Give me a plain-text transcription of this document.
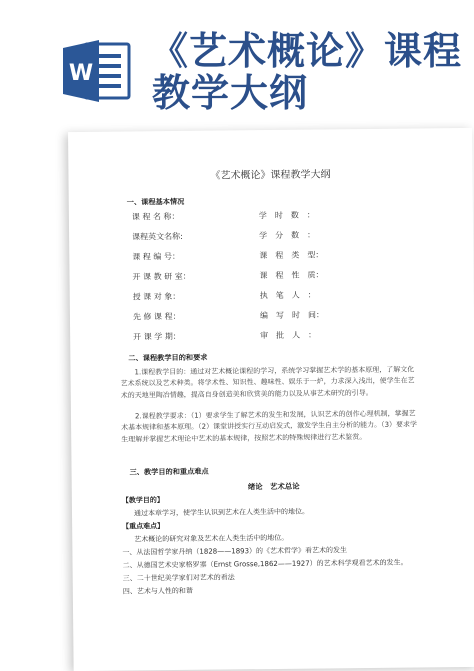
W
《艺术概论》课程
教学大纲
《艺术概论》课程教学大纲
一、课程基本情况
课 程 名 称：
课程英文名称:
课 程 编 号：
开 课 教 研 室：
授 课 对 象：
先 修 课 程：
开 课 学 期：
学　时　数　：
学　分　数　：
课　程　类　型：
课　程　性　质：
执　笔　人　：
编　写　时　间：
审　批　人　：
二、课程教学目的和要求
1.课程教学目的：通过对艺术概论课程的学习，系统学习掌握艺术学的基本原理，了解文化艺术系统以及艺术种类。将学术性、知识性、趣味性、娱乐于一炉，力求深入浅出，使学生在艺术的天地里陶冶情趣，提高自身创造美和欣赏美的能力以及从事艺术研究的引导。
2.课程教学要求：（1）要求学生了解艺术的发生和发展，认识艺术的创作心理机制，掌握艺术基本规律和基本原理。（2）课堂讲授实行互动启发式，激发学生自主分析的能力。（3）要求学生理解并掌握艺术理论中艺术的基本规律，按照艺术的特殊规律进行艺术鉴赏。
三、教学目的和重点难点
绪论　艺术总论
【教学目的】
通过本章学习，使学生认识到艺术在人类生活中的地位。
【重点难点】
艺术概论的研究对象及艺术在人类生活中的地位。
一、从法国哲学家丹纳（1828——1893）的《艺术哲学》看艺术的发生
二、从德国艺术史家格罗塞（Ernst Grosse,1862——1927）的艺术科学观看艺术的发生。
三、二十世纪美学家们对艺术的看法
四、艺术与人性的和谐
